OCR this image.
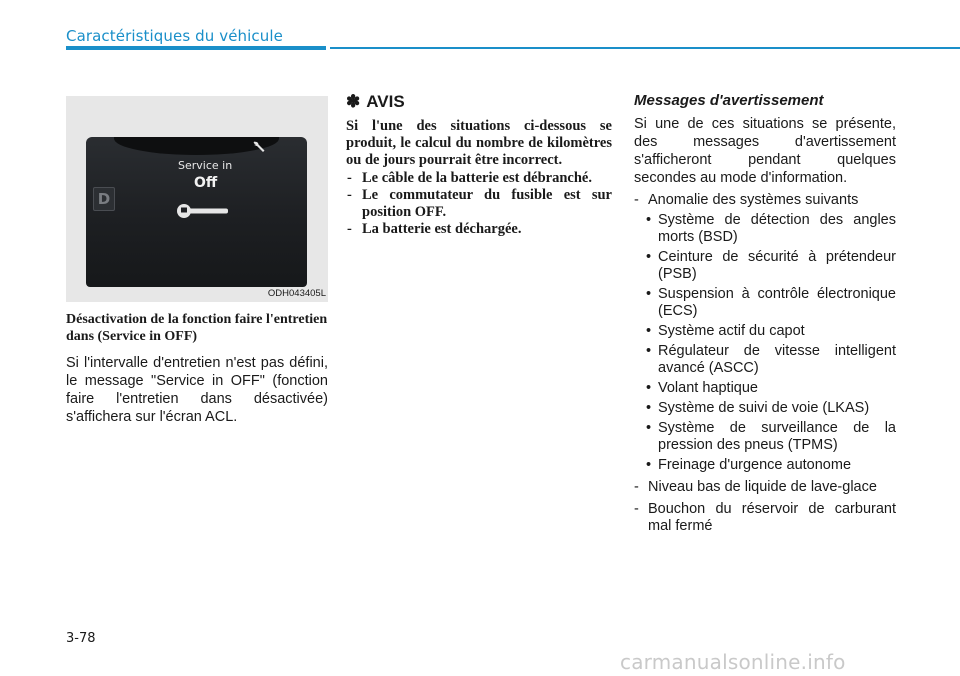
Caractéristiques du véhicule
Service in
Off
D
ODH043405L
Désactivation de la fonction faire l'entretien dans (Service in OFF)
Si l'intervalle d'entretien n'est pas défini, le message "Service in OFF" (fonction faire l'entretien dans désactivée) s'affichera sur l'écran ACL.
✽ AVIS
Si l'une des situations ci-dessous se produit, le calcul du nombre de kilomètres ou de jours pourrait être incorrect.
- Le câble de la batterie est débranché.
- Le commutateur du fusible est sur position OFF.
- La batterie est déchargée.
Messages d'avertissement
Si une de ces situations se présente, des messages d'avertissement s'afficheront pendant quelques secondes au mode d'information.
- Anomalie des systèmes suivants
• Système de détection des angles morts (BSD)
• Ceinture de sécurité à prétendeur (PSB)
• Suspension à contrôle électronique (ECS)
• Système actif du capot
• Régulateur de vitesse intelligent avancé (ASCC)
• Volant haptique
• Système de suivi de voie (LKAS)
• Système de surveillance de la pression des pneus (TPMS)
• Freinage d'urgence autonome
- Niveau bas de liquide de lave-glace
- Bouchon du réservoir de carburant mal fermé
3-78
carmanualsonline.info
